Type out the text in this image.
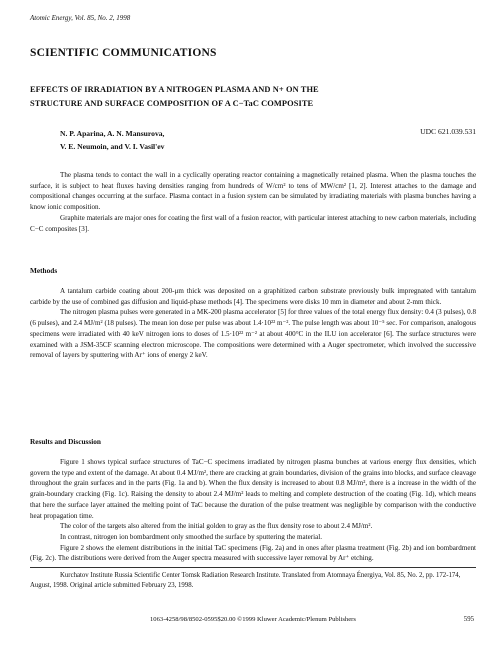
Atomic Energy, Vol. 85, No. 2, 1998
SCIENTIFIC COMMUNICATIONS
EFFECTS OF IRRADIATION BY A NITROGEN PLASMA AND N+ ON THE
STRUCTURE AND SURFACE COMPOSITION OF A C−TaC COMPOSITE
N. P. Aparina, A. N. Mansurova,
V. E. Neumoin, and V. I. Vasil'ev
UDC 621.039.531

The plasma tends to contact the wall in a cyclically operating reactor containing a magnetically retained plasma. When the plasma touches the surface, it is subject to heat fluxes having densities ranging from hundreds of W/cm² to tens of MW/cm² [1, 2]. Interest attaches to the damage and compositional changes occurring at the surface. Plasma contact in a fusion system can be simulated by irradiating materials with plasma bunches having a know ionic composition.

Graphite materials are major ones for coating the first wall of a fusion reactor, with particular interest attaching to new carbon materials, including C−C composites [3].

Methods

A tantalum carbide coating about 200-μm thick was deposited on a graphitized carbon substrate previously bulk impregnated with tantalum carbide by the use of combined gas diffusion and liquid-phase methods [4]. The specimens were disks 10 mm in diameter and about 2-mm thick.

The nitrogen plasma pulses were generated in a MK-200 plasma accelerator [5] for three values of the total energy flux density: 0.4 (3 pulses), 0.8 (6 pulses), and 2.4 MJ/m² (18 pulses). The mean ion dose per pulse was about 1.4·10²² m⁻². The pulse length was about 10⁻⁵ sec. For comparison, analogous specimens were irradiated with 40 keV nitrogen ions to doses of 1.5·10²² m⁻² at about 400°C in the ILU ion accelerator [6]. The surface structures were examined with a JSM-35CF scanning electron microscope. The compositions were determined with a Auger spectrometer, which involved the successive removal of layers by sputtering with Ar⁺ ions of energy 2 keV.

Results and Discussion

Figure 1 shows typical surface structures of TaC−C specimens irradiated by nitrogen plasma bunches at various energy flux densities, which govern the type and extent of the damage. At about 0.4 MJ/m², there are cracking at grain boundaries, division of the grains into blocks, and surface cleavage throughout the grain surfaces and in the parts (Fig. 1a and b). When the flux density is increased to about 0.8 MJ/m², there is a increase in the width of the grain-boundary cracking (Fig. 1c). Raising the density to about 2.4 MJ/m² leads to melting and complete destruction of the coating (Fig. 1d), which means that here the surface layer attained the melting point of TaC because the duration of the pulse treatment was negligible by comparison with the conductive heat propagation time.

The color of the targets also altered from the initial golden to gray as the flux density rose to about 2.4 MJ/m².

In contrast, nitrogen ion bombardment only smoothed the surface by sputtering the material.

Figure 2 shows the element distributions in the initial TaC specimens (Fig. 2a) and in ones after plasma treatment (Fig. 2b) and ion bombardment (Fig. 2c). The distributions were derived from the Auger spectra measured with successive layer removal by Ar⁺ etching.

Kurchatov Institute Russia Scientific Center Tomsk Radiation Research Institute. Translated from Atomnaya Énergiya, Vol. 85, No. 2, pp. 172-174, August, 1998. Original article submitted February 23, 1998.

1063-4258/98/8502-0595$20.00 ©1999 Kluwer Academic/Plenum Publishers	595
